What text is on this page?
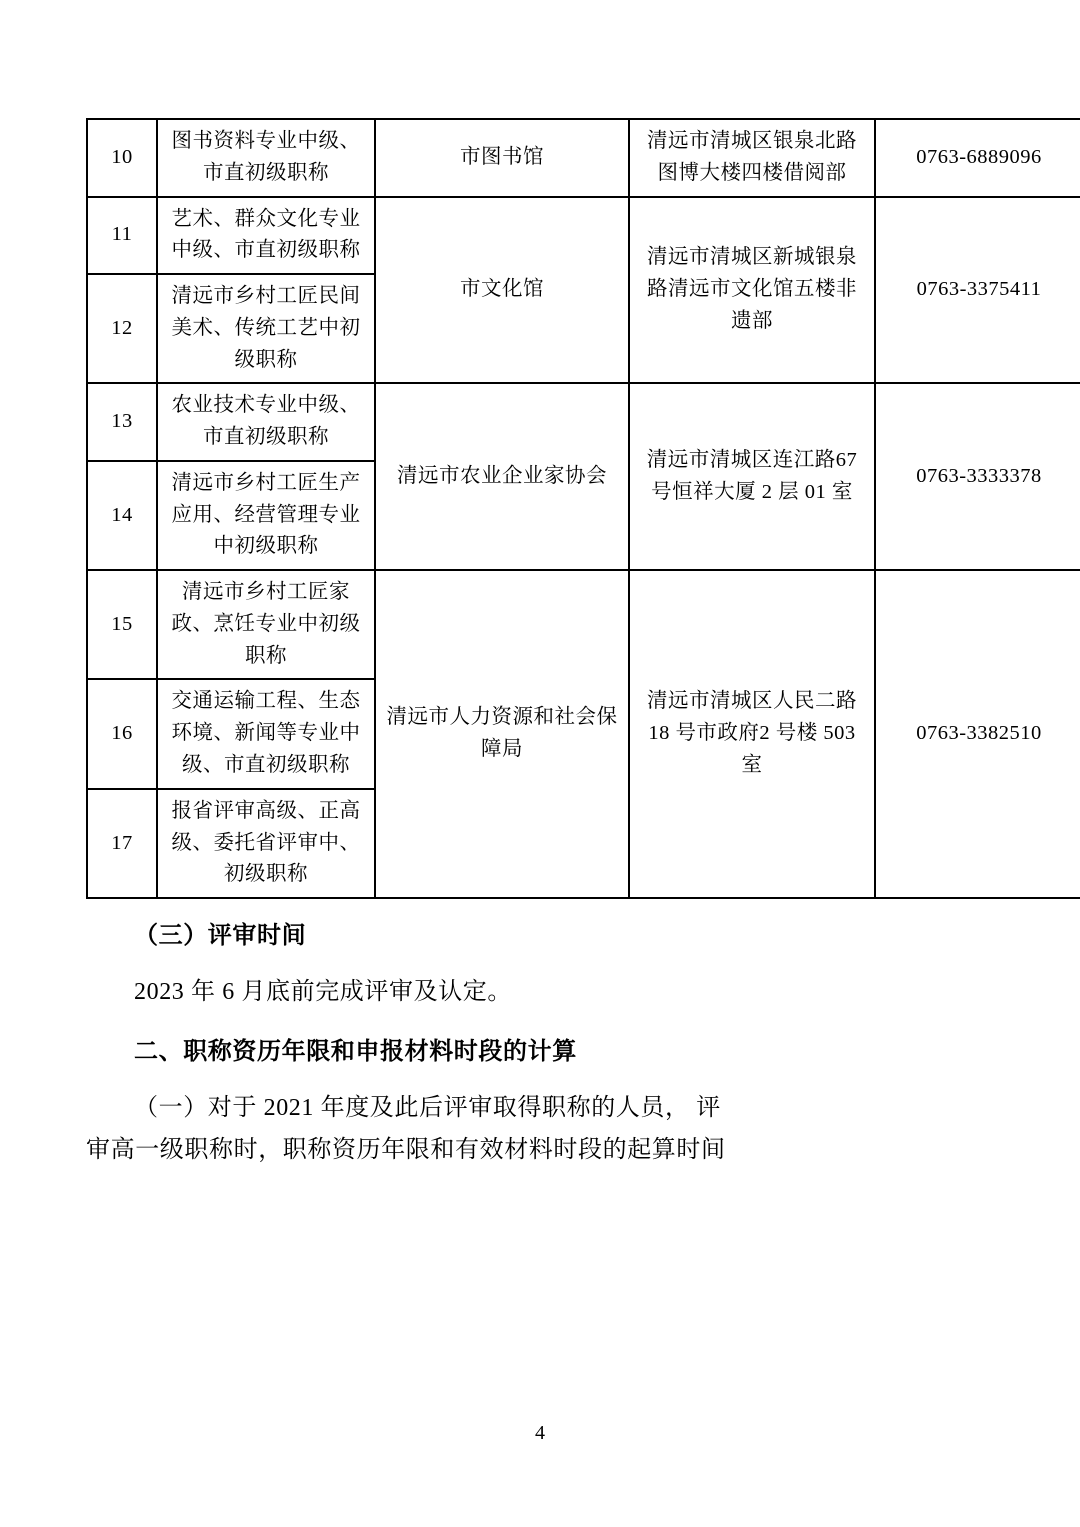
10	图书资料专业中级、市直初级职称	市图书馆	清远市清城区银泉北路图博大楼四楼借阅部	0763-6889096
11	艺术、群众文化专业中级、市直初级职称	市文化馆	清远市清城区新城银泉路清远市文化馆五楼非遗部	0763-3375411
12	清远市乡村工匠民间美术、传统工艺中初级职称			
13	农业技术专业中级、市直初级职称	清远市农业企业家协会	清远市清城区连江路67号恒祥大厦 2 层 01 室	0763-3333378
14	清远市乡村工匠生产应用、经营管理专业中初级职称			
15	清远市乡村工匠家政、烹饪专业中初级职称	清远市人力资源和社会保障局	清远市清城区人民二路 18 号市政府2 号楼 503 室	0763-3382510
16	交通运输工程、生态环境、新闻等专业中级、市直初级职称			
17	报省评审高级、正高级、委托省评审中、初级职称			

（三）评审时间

2023 年 6 月底前完成评审及认定。

二、职称资历年限和申报材料时段的计算

（一）对于 2021 年度及此后评审取得职称的人员， 评
审高一级职称时，职称资历年限和有效材料时段的起算时间
4
